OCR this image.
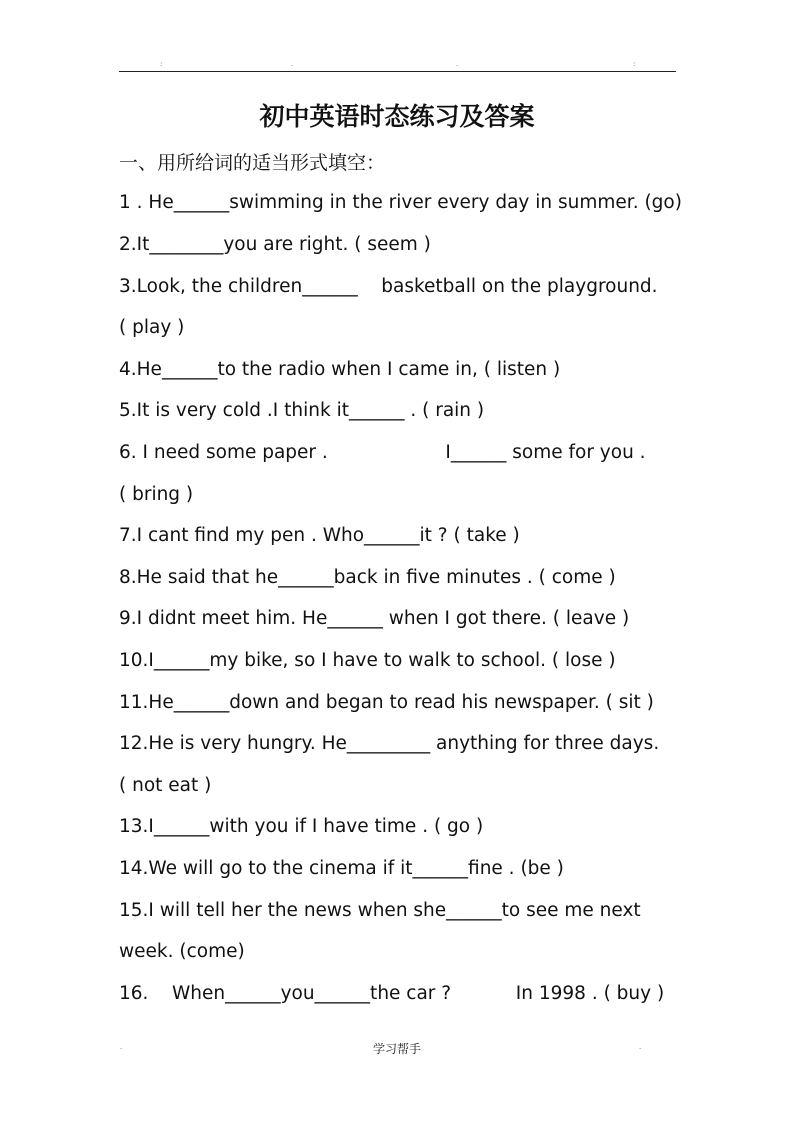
:	.	.	:
初中英语时态练习及答案
一、用所给词的适当形式填空：
1 . He______swimming in the river every day in summer. (go)
2.It________you are right. ( seem )
3.Look, the children______    basketball on the playground.
( play )
4.He______to the radio when I came in, ( listen )
5.It is very cold .I think it______ . ( rain )
6. I need some paper .                    I______ some for you .
( bring )
7.I cant find my pen . Who______it ? ( take )
8.He said that he______back in five minutes . ( come )
9.I didnt meet him. He______ when I got there. ( leave )
10.I______my bike, so I have to walk to school. ( lose )
11.He______down and began to read his newspaper. ( sit )
12.He is very hungry. He_________ anything for three days.
( not eat )
13.I______with you if I have time . ( go )
14.We will go to the cinema if it______fine . (be )
15.I will tell her the news when she______to see me next
week. (come)
16.    When______you______the car ?           In 1998 . ( buy )
.	学习帮手	.
